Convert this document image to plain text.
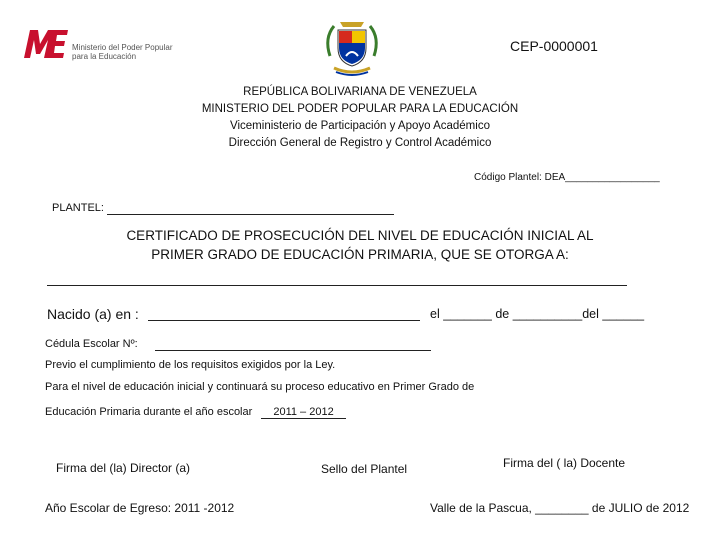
Ministerio del Poder Popular
para la Educación
CEP-0000001
REPÚBLICA BOLIVARIANA DE VENEZUELA
MINISTERIO DEL PODER POPULAR PARA LA EDUCACIÓN
Viceministerio de Participación y Apoyo Académico
Dirección General de Registro y Control Académico
Código Plantel: DEA_________________
PLANTEL:
CERTIFICADO DE PROSECUCIÓN DEL NIVEL DE EDUCACIÓN INICIAL AL
PRIMER GRADO DE EDUCACIÓN PRIMARIA, QUE SE OTORGA A:
Nacido (a) en :	el _______ de __________del ______
Cédula Escolar Nº:
Previo el cumplimiento de los requisitos exigidos por la Ley.
Para el nivel de educación inicial y continuará su proceso educativo en Primer Grado de
Educación Primaria durante el año escolar 2011 – 2012
Firma del (la) Director (a)	Sello del Plantel	Firma del ( la) Docente
Año Escolar de Egreso: 2011 -2012	Valle de la Pascua, ________ de JULIO de 2012
